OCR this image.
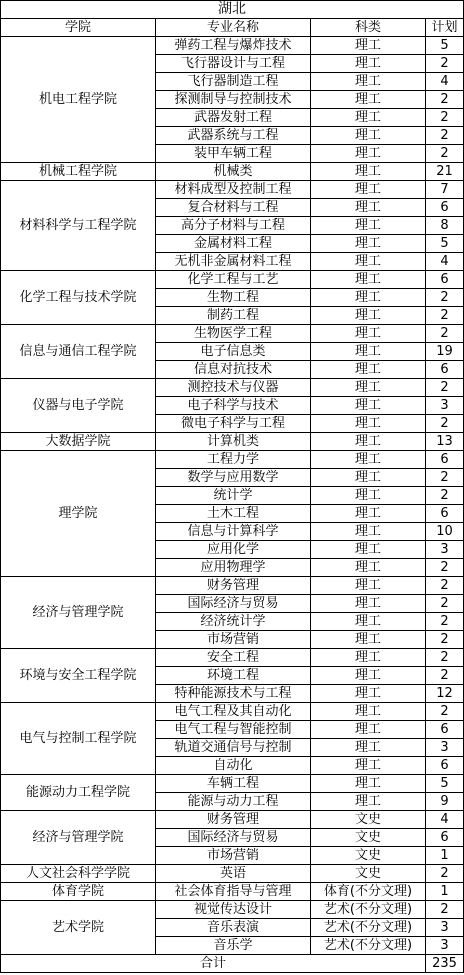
湖北			
学院	专业名称	科类	计划
机电工程学院	弹药工程与爆炸技术	理工	5
	飞行器设计与工程	理工	2
	飞行器制造工程	理工	4
	探测制导与控制技术	理工	2
	武器发射工程	理工	2
	武器系统与工程	理工	2
	装甲车辆工程	理工	2
机械工程学院	机械类	理工	21
材料科学与工程学院	材料成型及控制工程	理工	7
	复合材料与工程	理工	6
	高分子材料与工程	理工	8
	金属材料工程	理工	5
	无机非金属材料工程	理工	4
化学工程与技术学院	化学工程与工艺	理工	6
	生物工程	理工	2
	制药工程	理工	2
信息与通信工程学院	生物医学工程	理工	2
	电子信息类	理工	19
	信息对抗技术	理工	6
仪器与电子学院	测控技术与仪器	理工	2
	电子科学与技术	理工	3
	微电子科学与工程	理工	2
大数据学院	计算机类	理工	13
理学院	工程力学	理工	6
	数学与应用数学	理工	2
	统计学	理工	2
	土木工程	理工	6
	信息与计算科学	理工	10
	应用化学	理工	3
	应用物理学	理工	2
经济与管理学院	财务管理	理工	2
	国际经济与贸易	理工	2
	经济统计学	理工	2
	市场营销	理工	2
环境与安全工程学院	安全工程	理工	2
	环境工程	理工	2
	特种能源技术与工程	理工	12
电气与控制工程学院	电气工程及其自动化	理工	2
	电气工程与智能控制	理工	6
	轨道交通信号与控制	理工	3
	自动化	理工	6
能源动力工程学院	车辆工程	理工	5
	能源与动力工程	理工	9
经济与管理学院	财务管理	文史	4
	国际经济与贸易	文史	6
	市场营销	文史	1
人文社会科学学院	英语	文史	2
体育学院	社会体育指导与管理	体育(不分文理)	1
艺术学院	视觉传达设计	艺术(不分文理)	2
	音乐表演	艺术(不分文理)	3
	音乐学	艺术(不分文理)	3
合计			235
